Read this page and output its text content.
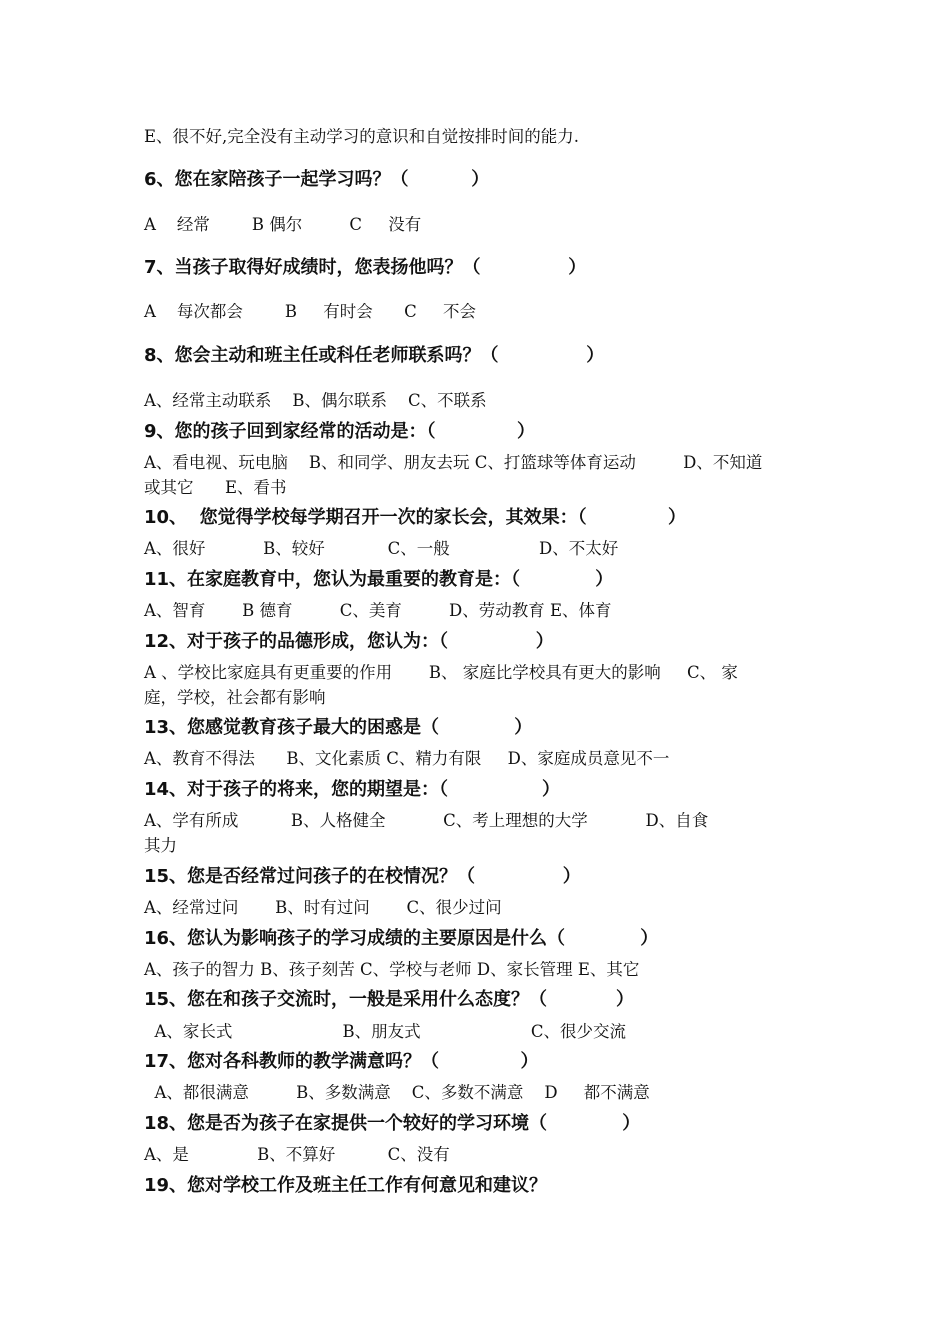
E、很不好,完全没有主动学习的意识和自觉按排时间的能力.
6、您在家陪孩子一起学习吗？（          ）
A    经常        B 偶尔         C     没有
7、当孩子取得好成绩时，您表扬他吗？（              ）
A    每次都会        B     有时会      C     不会
8、您会主动和班主任或科任老师联系吗？（              ）
A、经常主动联系    B、偶尔联系    C、不联系
9、您的孩子回到家经常的活动是：（             ）
A、看电视、玩电脑    B、和同学、朋友去玩 C、打篮球等体育运动         D、不知道
或其它      E、看书
10、  您觉得学校每学期召开一次的家长会，其效果：（             ）
A、很好           B、较好            C、一般                 D、不太好
11、在家庭教育中，您认为最重要的教育是：（            ）
A、智育       B 德育         C、美育         D、劳动教育 E、体育
12、对于孩子的品德形成，您认为：（              ）
A 、学校比家庭具有更重要的作用       B、 家庭比学校具有更大的影响     C、 家
庭，学校，社会都有影响
13、您感觉教育孩子最大的困惑是（            ）
A、教育不得法      B、文化素质 C、精力有限     D、家庭成员意见不一
14、对于孩子的将来，您的期望是：（               ）
A、学有所成          B、人格健全           C、考上理想的大学           D、自食
其力
15、您是否经常过问孩子的在校情况？（              ）
A、经常过问       B、时有过问       C、很少过问
16、您认为影响孩子的学习成绩的主要原因是什么（            ）
A、孩子的智力 B、孩子刻苦 C、学校与老师 D、家长管理 E、其它
15、您在和孩子交流时，一般是采用什么态度？（           ）
A、家长式                     B、朋友式                     C、很少交流
17、您对各科教师的教学满意吗？（             ）
A、都很满意         B、多数满意    C、多数不满意    D     都不满意
18、您是否为孩子在家提供一个较好的学习环境（            ）
A、是             B、不算好          C、没有
19、您对学校工作及班主任工作有何意见和建议？
